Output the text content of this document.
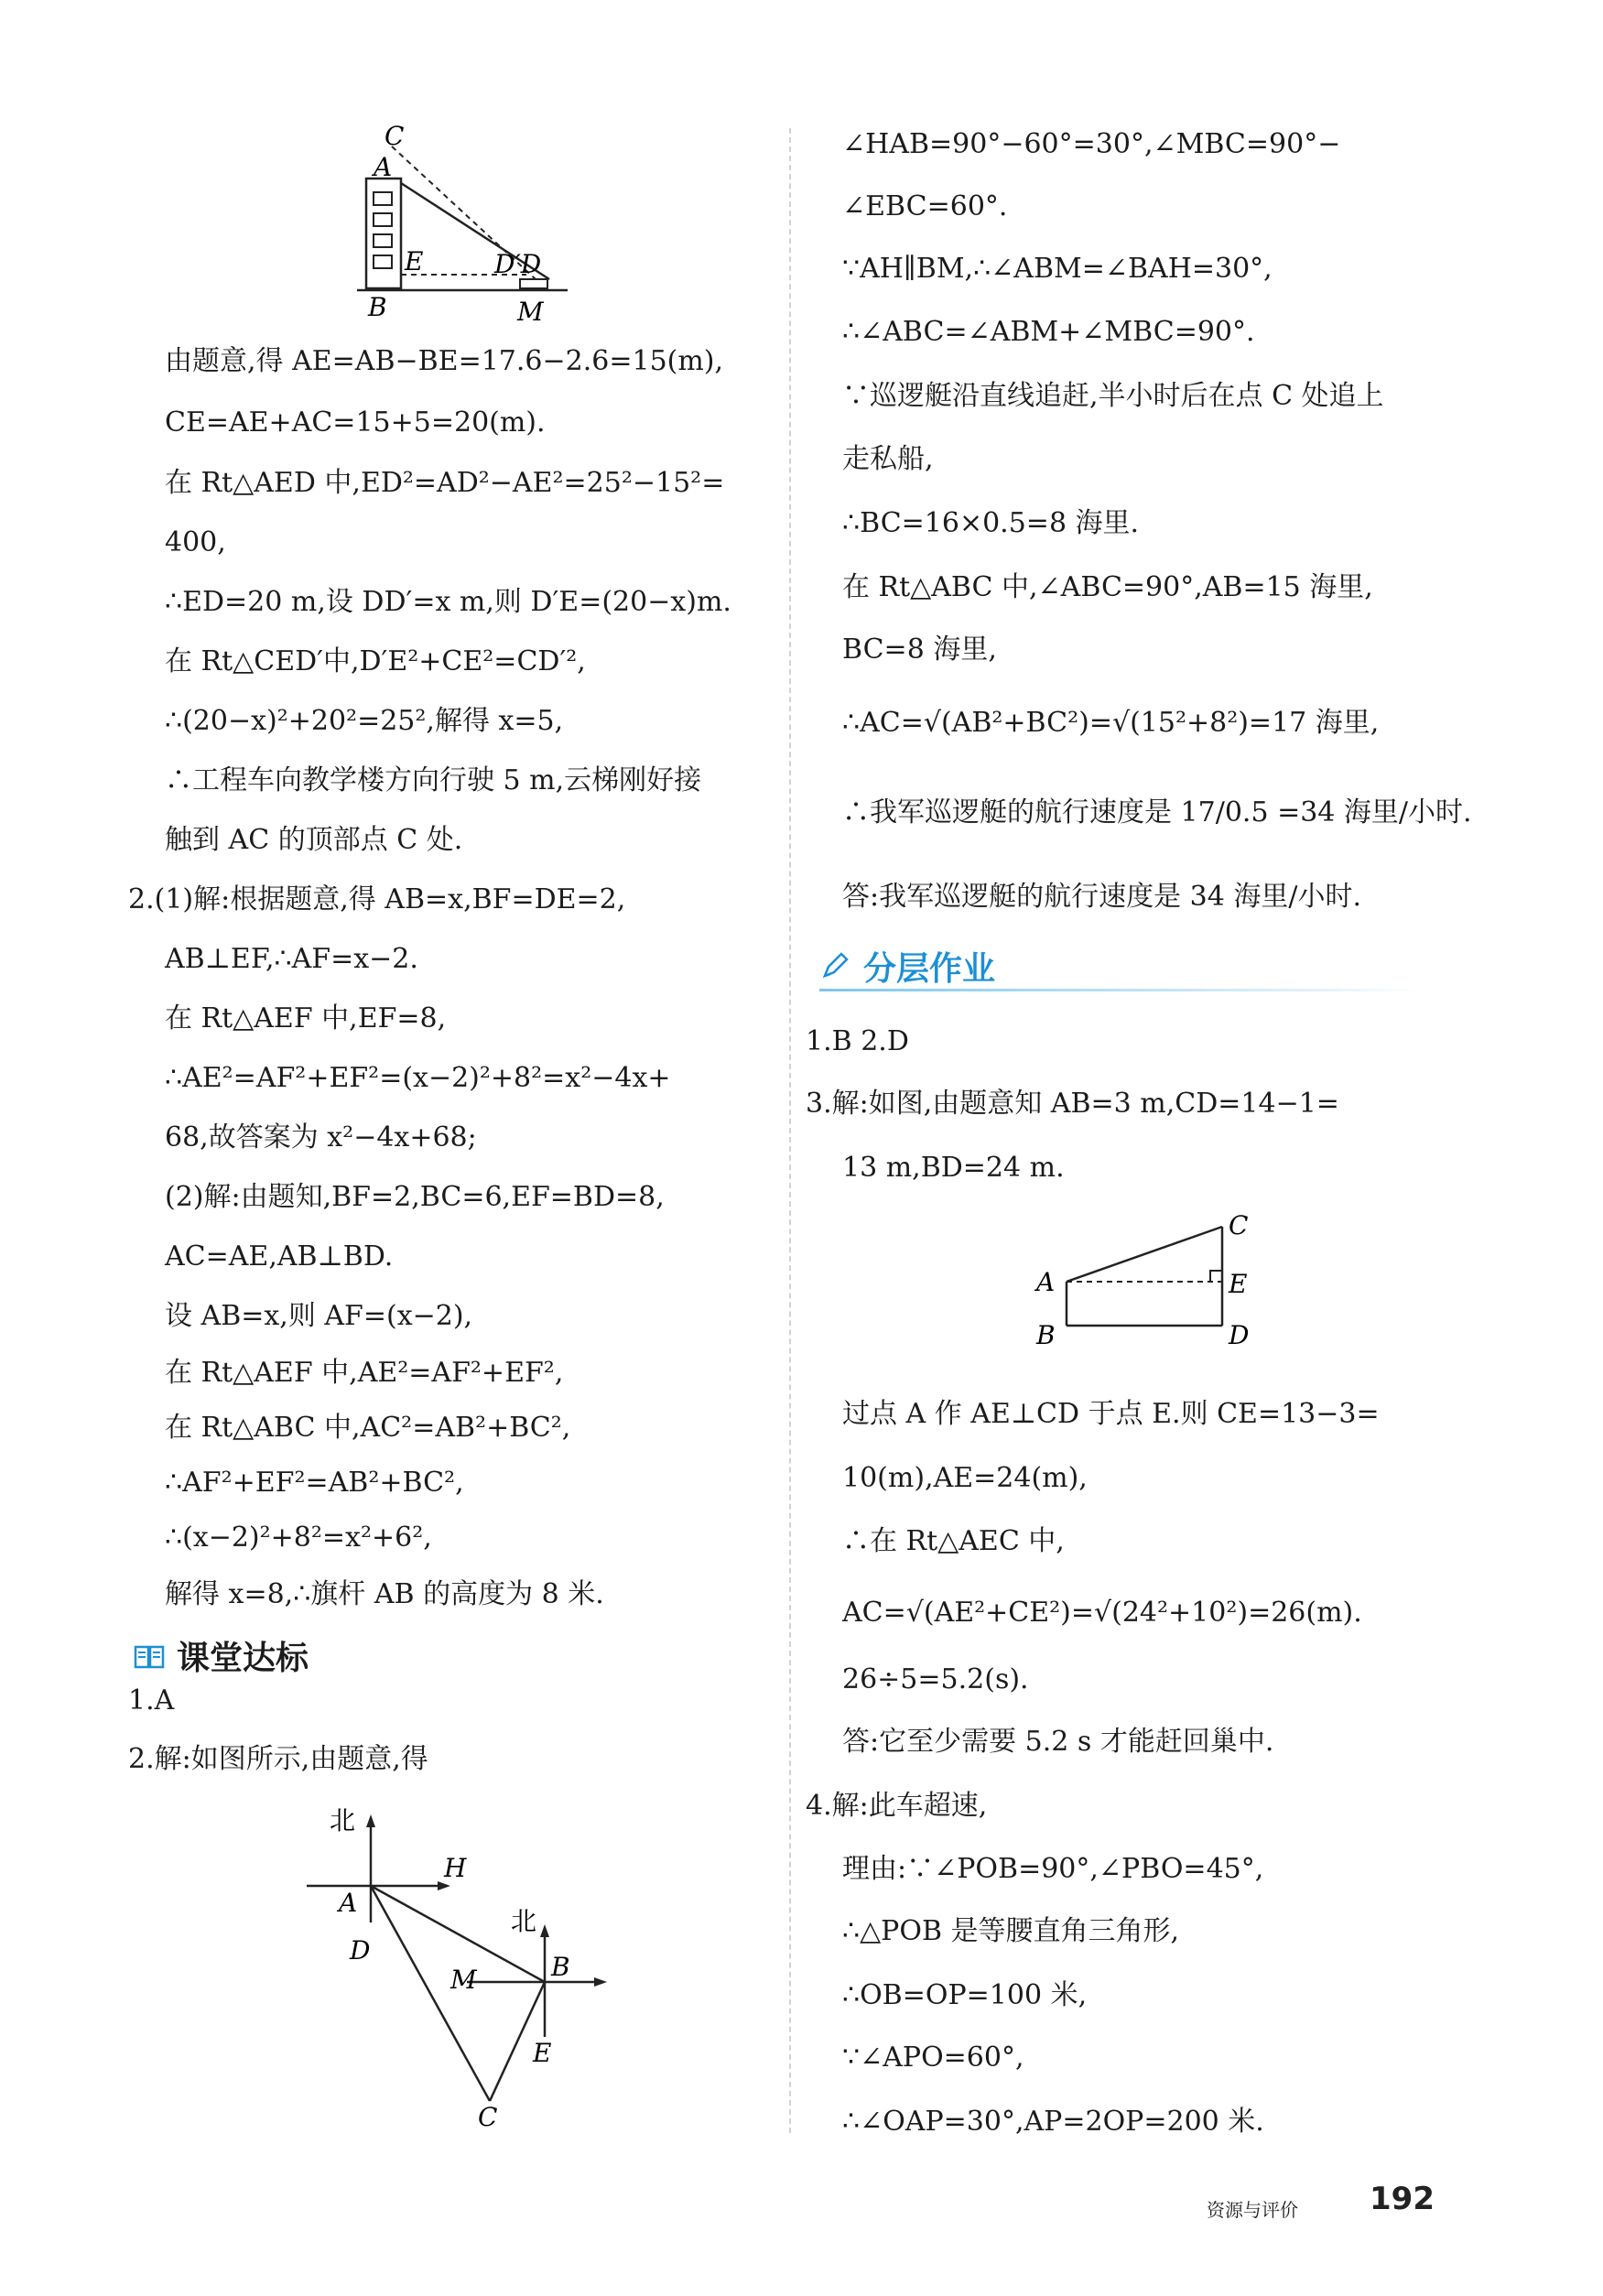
C
A
E	D′D
B	M
由题意,得 AE=AB−BE=17.6−2.6=15(m),
CE=AE+AC=15+5=20(m).
在 Rt△AED 中,ED²=AD²−AE²=25²−15²=
400,
∴ED=20 m,设 DD′=x m,则 D′E=(20−x)m.
在 Rt△CED′中,D′E²+CE²=CD′²,
∴(20−x)²+20²=25²,解得 x=5,
∴工程车向教学楼方向行驶 5 m,云梯刚好接
触到 AC 的顶部点 C 处.
2.(1)解:根据题意,得 AB=x,BF=DE=2,
AB⊥EF,∴AF=x−2.
在 Rt△AEF 中,EF=8,
∴AE²=AF²+EF²=(x−2)²+8²=x²−4x+
68,故答案为 x²−4x+68;
(2)解:由题知,BF=2,BC=6,EF=BD=8,
AC=AE,AB⊥BD.
设 AB=x,则 AF=(x−2),
在 Rt△AEF 中,AE²=AF²+EF²,
在 Rt△ABC 中,AC²=AB²+BC²,
∴AF²+EF²=AB²+BC²,
∴(x−2)²+8²=x²+6²,
解得 x=8,∴旗杆 AB 的高度为 8 米.
课堂达标
1.A
2.解:如图所示,由题意,得
北
H
A
D
北
M	B
E
C
∠HAB=90°−60°=30°,∠MBC=90°−
∠EBC=60°.
∵AH∥BM,∴∠ABM=∠BAH=30°,
∴∠ABC=∠ABM+∠MBC=90°.
∵巡逻艇沿直线追赶,半小时后在点 C 处追上
走私船,
∴BC=16×0.5=8 海里.
在 Rt△ABC 中,∠ABC=90°,AB=15 海里,
BC=8 海里,
∴AC=√(AB²+BC²)=√(15²+8²)=17 海里,
∴我军巡逻艇的航行速度是 17/0.5 =34 海里/小时.
答:我军巡逻艇的航行速度是 34 海里/小时.
分层作业
1.B 2.D
3.解:如图,由题意知 AB=3 m,CD=14−1=
13 m,BD=24 m.
C
A	E
B	D
过点 A 作 AE⊥CD 于点 E.则 CE=13−3=
10(m),AE=24(m),
∴在 Rt△AEC 中,
AC=√(AE²+CE²)=√(24²+10²)=26(m).
26÷5=5.2(s).
答:它至少需要 5.2 s 才能赶回巢中.
4.解:此车超速,
理由:∵∠POB=90°,∠PBO=45°,
∴△POB 是等腰直角三角形,
∴OB=OP=100 米,
∵∠APO=60°,
∴∠OAP=30°,AP=2OP=200 米.
资源与评价 192
